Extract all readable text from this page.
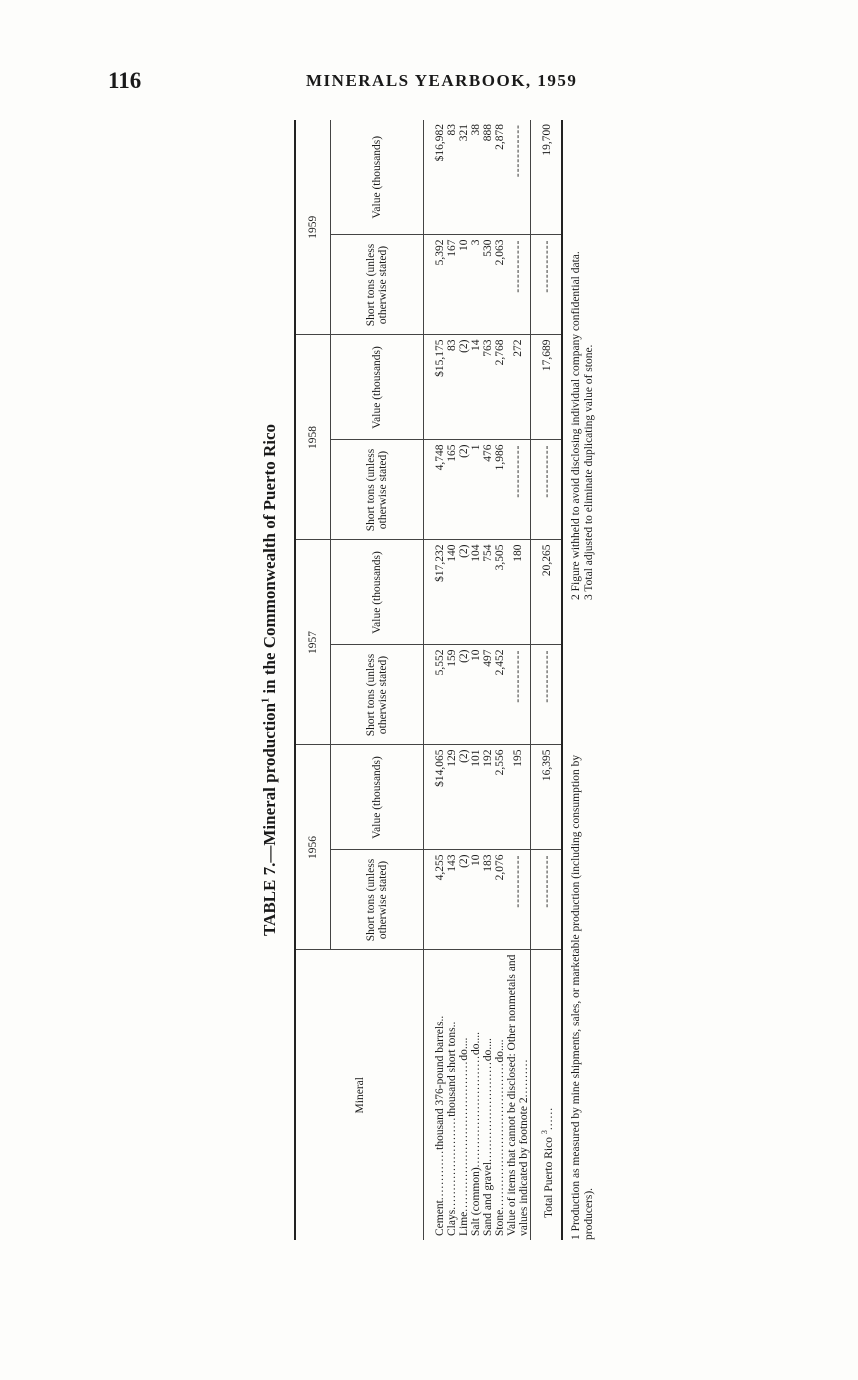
116	MINERALS YEARBOOK, 1959
TABLE 7.—Mineral production$^1$ in the Commonwealth of Puerto Rico
Mineral	1956		1957		1958		1959	
	Short tons (unless otherwise stated)	Value (thousands)	Short tons (unless otherwise stated)	Value (thousands)	Short tons (unless otherwise stated)	Value (thousands)	Short tons (unless otherwise stated)	Value (thousands)
Cement.............thousand 376-pound barrels..	4,255	$14,065	5,552	$17,232	4,748	$15,175	5,392	$16,982
Clays........................thousand short tons..	143	129	159	140	165	83	167	83
Lime.......................................do....	(2)	(2)	(2)	(2)	(2)	(2)	10	321
Salt (common).............................do....	10	101	10	104	1	14	3	38
Sand and gravel..........................do....	183	192	497	754	476	763	530	888
Stone......................................do....	2,076	2,556	2,452	3,505	1,986	2,768	2,063	2,878
Value of items that cannot be disclosed: Other nonmetals and values indicated by footnote 2..........	-----------	195	-----------	180	-----------	272	-----------	-----------
Total Puerto Rico $^3$......	-----------	16,395	-----------	20,265	-----------	17,689	-----------	19,700
1 Production as measured by mine shipments, sales, or marketable production (including consumption by producers).
2 Figure withheld to avoid disclosing individual company confidential data. 3 Total adjusted to eliminate duplicating value of stone.
